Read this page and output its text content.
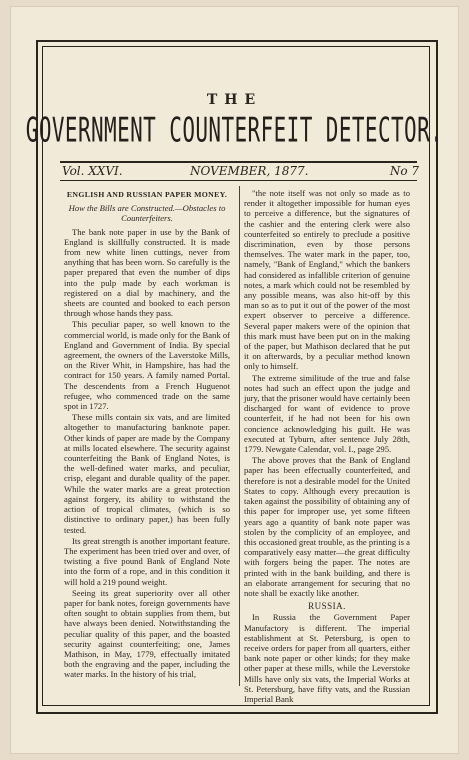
THE
GOVERNMENT COUNTERFEIT DETECTOR.
Vol. XXVI.	NOVEMBER, 1877.	No 7
ENGLISH AND RUSSIAN PAPER MONEY.

How the Bills are Constructed.—Obstacles to Counterfeiters.

The bank note paper in use by the Bank of England is skillfully constructed. It is made from new white linen cuttings, never from anything that has been worn. So carefully is the paper prepared that even the number of dips into the pulp made by each workman is registered on a dial by machinery, and the sheets are counted and booked to each person through whose hands they pass.

This peculiar paper, so well known to the commercial world, is made only for the Bank of England and Government of India. By special agreement, the owners of the Laverstoke Mills, on the River Whit, in Hampshire, has had the contract for 150 years. A family named Portal. The descendents from a French Huguenot refugee, who commenced trade on the same spot in 1727.

These mills contain six vats, and are limited altogether to manufacturing banknote paper. Other kinds of paper are made by the Company at mills located elsewhere. The security against counterfeiting the Bank of England Notes, is the well-defined water marks, and peculiar, crisp, elegant and durable quality of the paper. While the water marks are a great protection against forgery, its ability to withstand the action of tropical climates, (which is so distinctive to ordinary paper,) has been fully tested.

Its great strength is another important feature. The experiment has been tried over and over, of twisting a five pound Bank of England Note into the form of a rope, and in this condition it will hold a 219 pound weight.

Seeing its great superiority over all other paper for bank notes, foreign governments have often sought to obtain supplies from them, but have always been denied. Notwithstanding the peculiar quality of this paper, and the boasted security against counterfeiting; one, James Mathison, in May, 1779, effectually imitated both the engraving and the paper, including the water marks. In the history of his trial,

"the note itself was not only so made as to render it altogether impossible for human eyes to perceive a difference, but the signatures of the cashier and the entering clerk were also counterfeited so entirely to preclude a positive discrimination, even by those persons themselves. The water mark in the paper, too, namely, "Bank of England," which the bankers had considered as infallible criterion of genuine notes, a mark which could not be resembled by any possible means, was also hit-off by this man so as to put it out of the power of the most expert observer to perceive a difference. Several paper makers were of the opinion that this mark must have been put on in the making of the paper, but Mathison declared that he put it on afterwards, by a peculiar method known only to himself.

The extreme similitude of the true and false notes had such an effect upon the judge and jury, that the prisoner would have certainly been discharged for want of evidence to prove counterfeit, if he had not been for his own concience acknowledging his guilt. He was executed at Tyburn, after sentence July 28th, 1779. Newgate Calendar, vol. I., page 295.

The above proves that the Bank of England paper has been effectually counterfeited, and therefore is not a desirable model for the United States to copy. Although every precaution is taken against the possibility of obtaining any of this paper for improper use, yet some fifteen years ago a quantity of bank note paper was stolen by the complicity of an employee, and this occasioned great trouble, as the printing is a comparatively easy matter—the great difficulty with forgers being the paper. The notes are printed with in the bank building, and there is an elaborate arrangement for securing that no note shall be exactly like another.

RUSSIA.

In Russia the Government Paper Manufactory is different. The imperial establishment at St. Petersburg, is open to receive orders for paper from all quarters, either bank note paper or other kinds; for they make other paper at these mills, while the Leverstoke Mills have only six vats, the Imperial Works at St. Petersburg, have fifty vats, and the Russian Imperial Bank
